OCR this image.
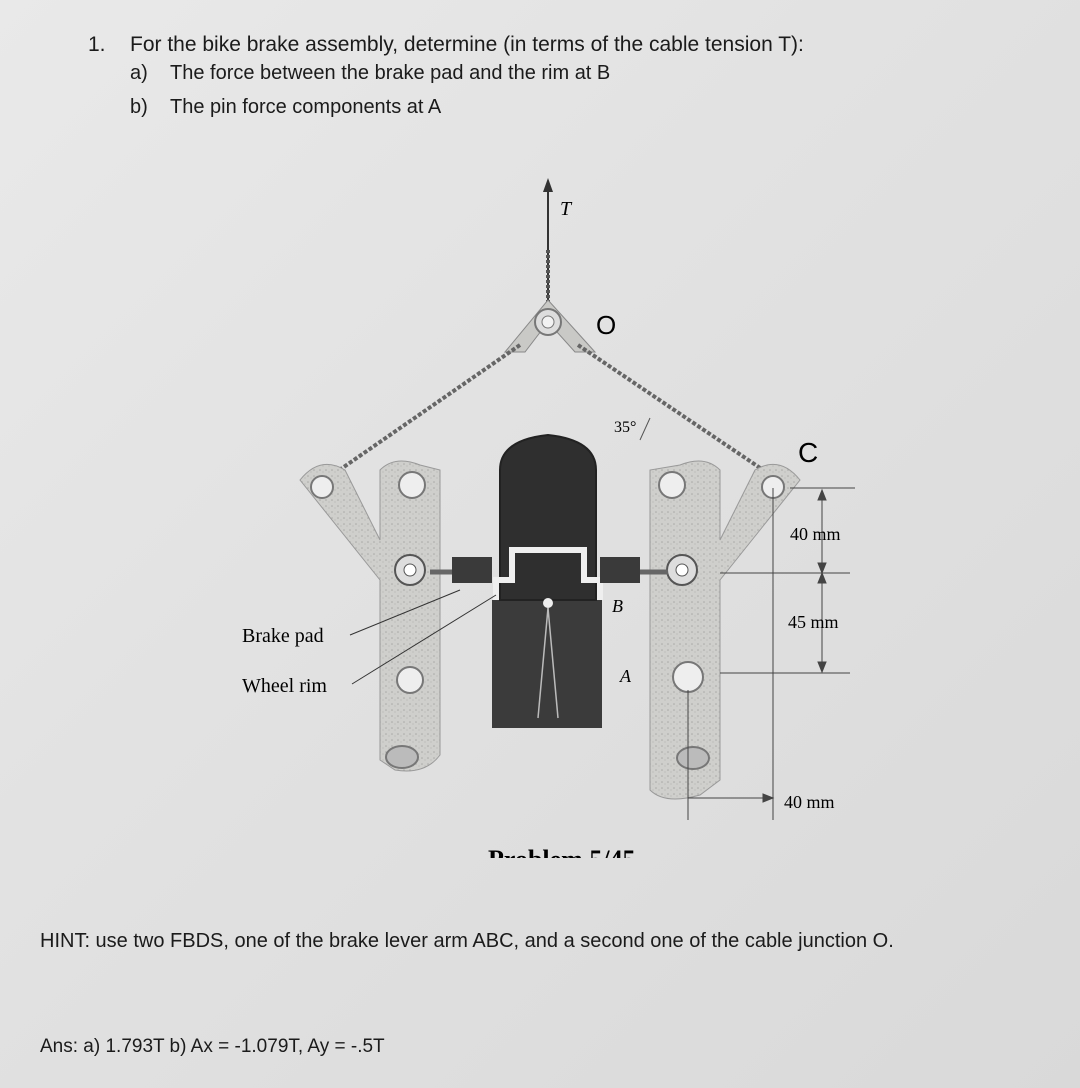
1. For the bike brake assembly, determine (in terms of the cable tension T):
a) The force between the brake pad and the rim at B
b) The pin force components at A
T
O
35°
B
A
C
Brake pad
Wheel rim
40 mm
45 mm
40 mm
Problem 5/45
HINT: use two FBDS, one of the brake lever arm ABC, and a second one of the cable junction O.
Ans: a) 1.793T b) Ax = -1.079T, Ay = -.5T
